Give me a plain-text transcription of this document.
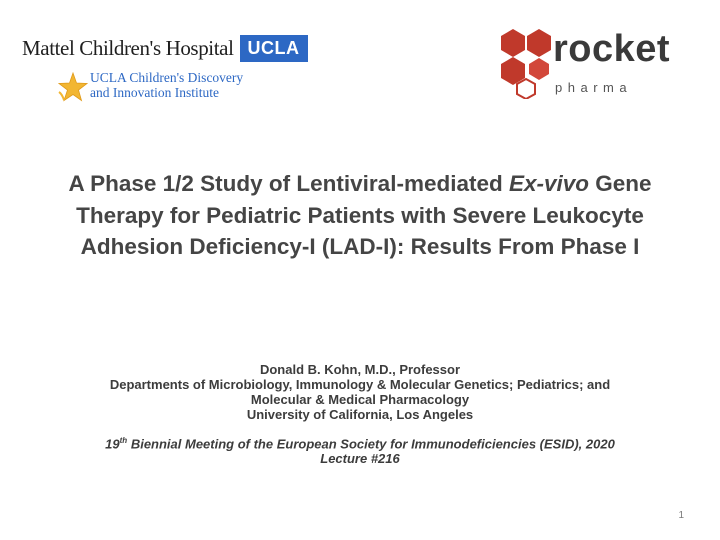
Mattel Children's Hospital UCLA
UCLA Children's Discovery
and Innovation Institute
rocket
pharma
A Phase 1/2 Study of Lentiviral-mediated Ex-vivo Gene Therapy for Pediatric Patients with Severe Leukocyte Adhesion Deficiency-I (LAD-I): Results From Phase I
Donald B. Kohn, M.D., Professor
Departments of Microbiology, Immunology & Molecular Genetics; Pediatrics; and
Molecular & Medical Pharmacology
University of California, Los Angeles
19th Biennial Meeting of the European Society for Immunodeficiencies (ESID), 2020
Lecture #216
1
